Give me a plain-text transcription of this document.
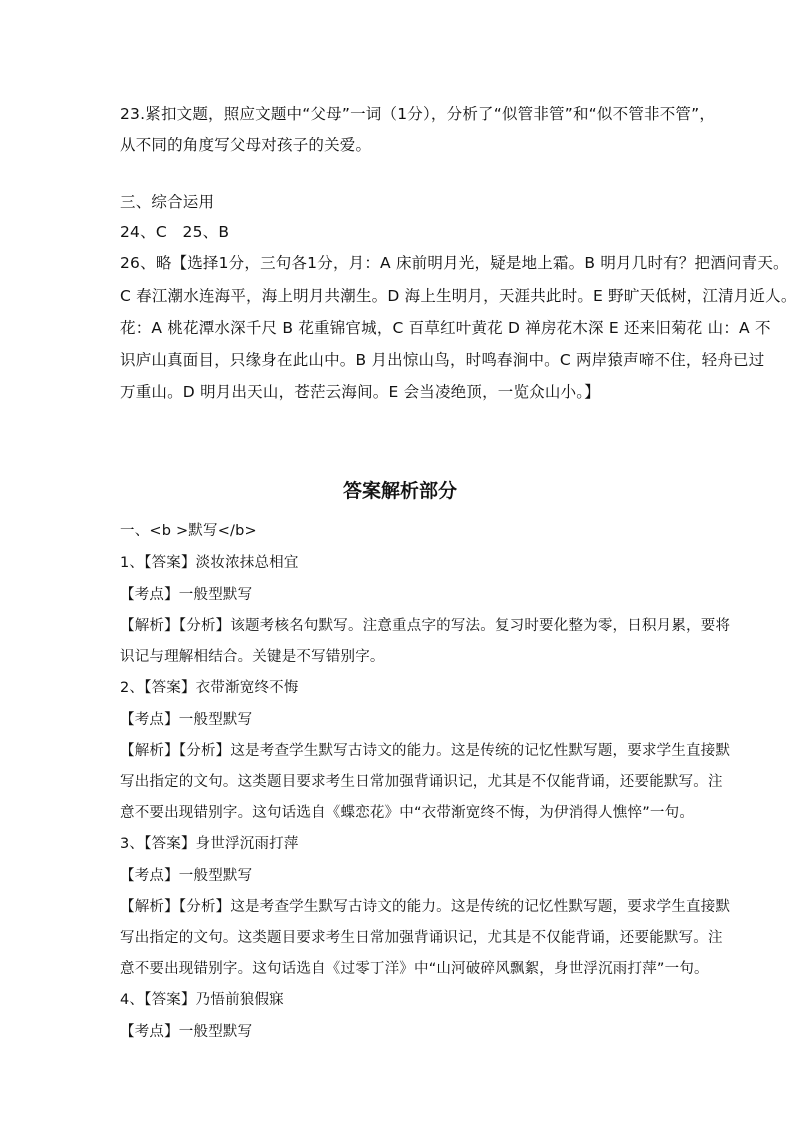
23.紧扣文题，照应文题中“父母”一词（1分），分析了“似管非管”和“似不管非不管”，
从不同的角度写父母对孩子的关爱。
三、综合运用
24、C　25、B
26、略【选择1分，三句各1分，月：A 床前明月光，疑是地上霜。B 明月几时有？把酒问青天。
C 春江潮水连海平，海上明月共潮生。D 海上生明月，天涯共此时。E 野旷天低树，江清月近人。
花：A 桃花潭水深千尺 B 花重锦官城，C 百草红叶黄花 D 禅房花木深 E 还来旧菊花 山：A 不
识庐山真面目，只缘身在此山中。B 月出惊山鸟，时鸣春涧中。C 两岸猿声啼不住，轻舟已过
万重山。D 明月出天山，苍茫云海间。E 会当凌绝顶，一览众山小。】
答案解析部分
一、<b >默写</b>
1、【答案】淡妆浓抹总相宜
【考点】一般型默写
【解析】【分析】该题考核名句默写。注意重点字的写法。复习时要化整为零，日积月累，要将
识记与理解相结合。关键是不写错别字。
2、【答案】衣带渐宽终不悔
【考点】一般型默写
【解析】【分析】这是考查学生默写古诗文的能力。这是传统的记忆性默写题，要求学生直接默
写出指定的文句。这类题目要求考生日常加强背诵识记，尤其是不仅能背诵，还要能默写。注
意不要出现错别字。这句话选自《蝶恋花》中“衣带渐宽终不悔，为伊消得人憔悴”一句。
3、【答案】身世浮沉雨打萍
【考点】一般型默写
【解析】【分析】这是考查学生默写古诗文的能力。这是传统的记忆性默写题，要求学生直接默
写出指定的文句。这类题目要求考生日常加强背诵识记，尤其是不仅能背诵，还要能默写。注
意不要出现错别字。这句话选自《过零丁洋》中“山河破碎风飘絮，身世浮沉雨打萍”一句。
4、【答案】乃悟前狼假寐
【考点】一般型默写
